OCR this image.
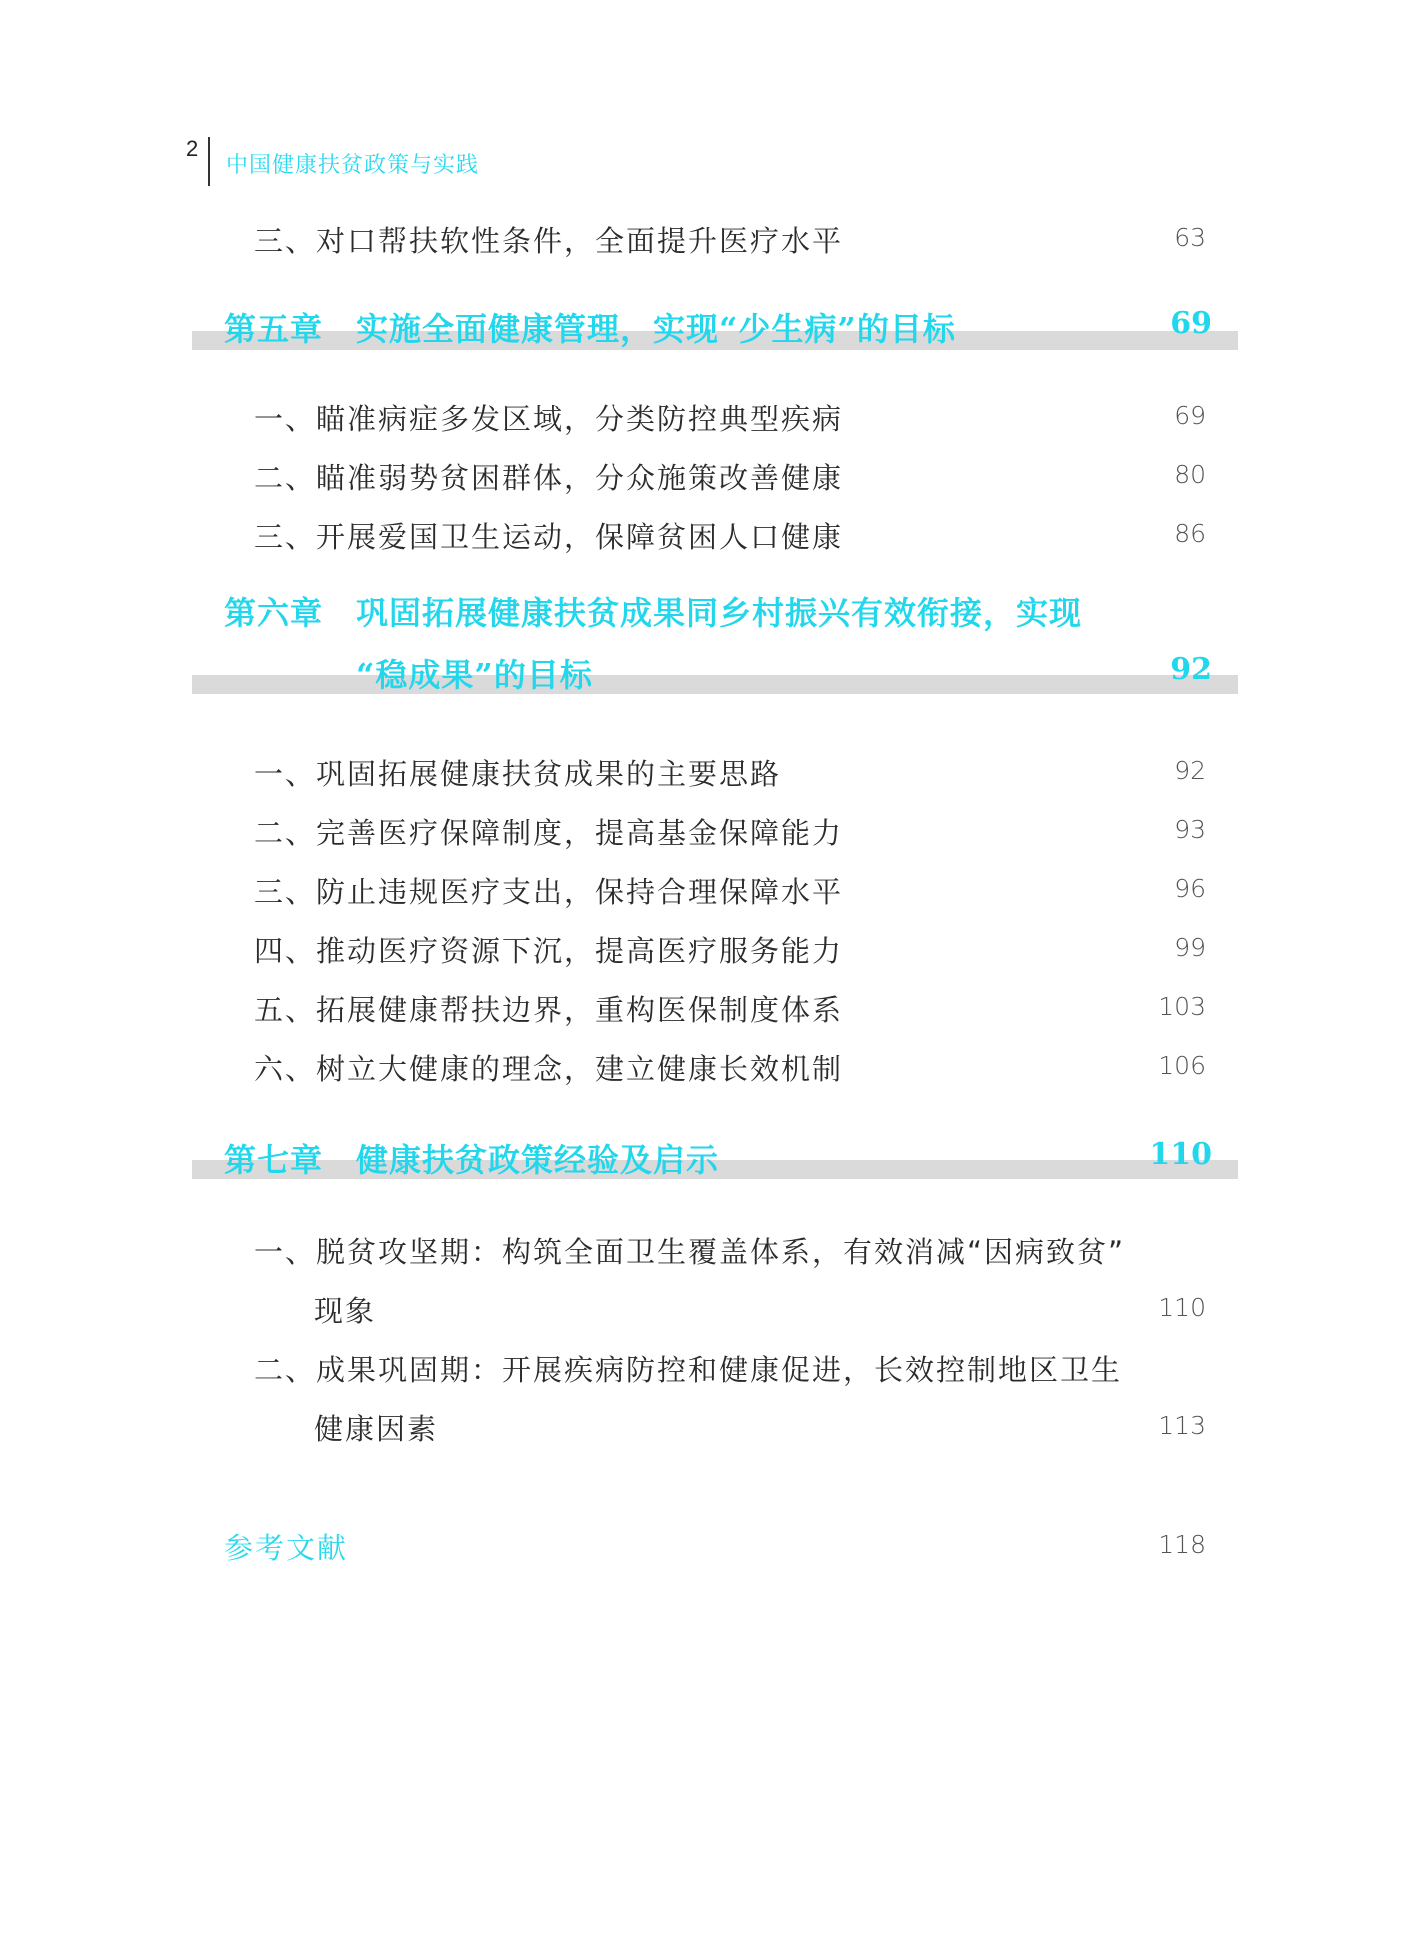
2
中国健康扶贫政策与实践
三、对口帮扶软性条件，全面提升医疗水平	63
第五章 实施全面健康管理，实现“少生病”的目标	69
一、瞄准病症多发区域，分类防控典型疾病	69
二、瞄准弱势贫困群体，分众施策改善健康	80
三、开展爱国卫生运动，保障贫困人口健康	86
第六章 巩固拓展健康扶贫成果同乡村振兴有效衔接，实现
“稳成果”的目标	92
一、巩固拓展健康扶贫成果的主要思路	92
二、完善医疗保障制度，提高基金保障能力	93
三、防止违规医疗支出，保持合理保障水平	96
四、推动医疗资源下沉，提高医疗服务能力	99
五、拓展健康帮扶边界，重构医保制度体系	103
六、树立大健康的理念，建立健康长效机制	106
第七章 健康扶贫政策经验及启示	110
一、脱贫攻坚期：构筑全面卫生覆盖体系，有效消减“因病致贫”
现象	110
二、成果巩固期：开展疾病防控和健康促进，长效控制地区卫生
健康因素	113
参考文献	118
